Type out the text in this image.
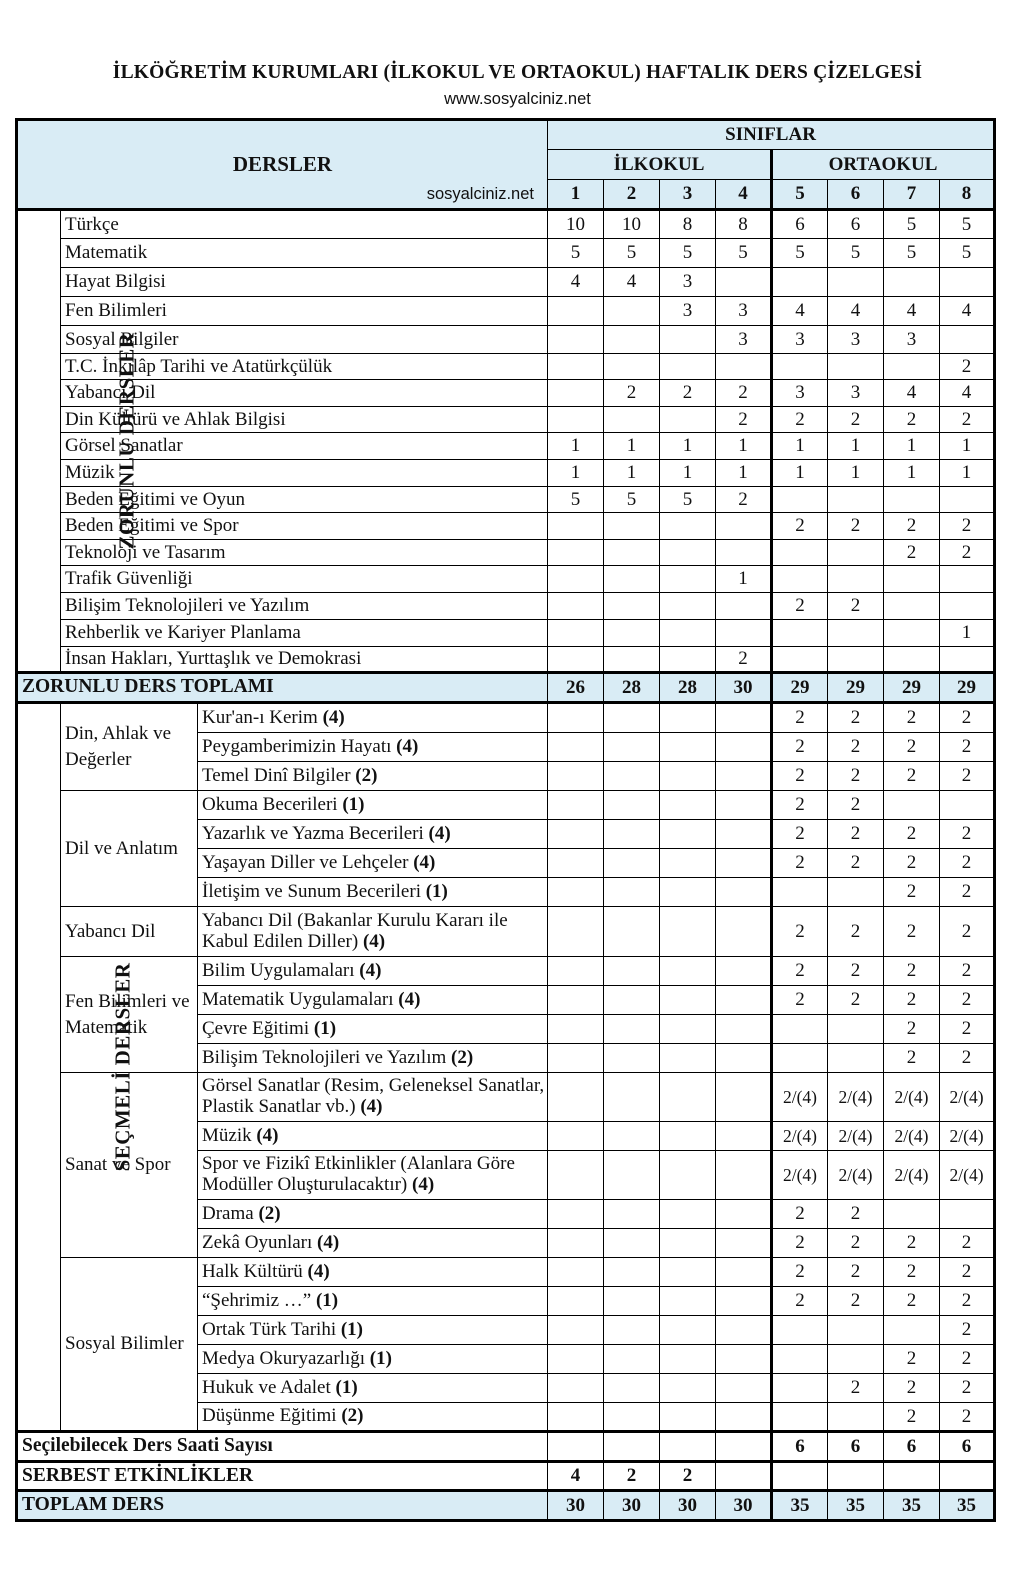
İLKÖĞRETİM KURUMLARI (İLKOKUL VE ORTAOKUL) HAFTALIK DERS ÇİZELGESİ
www.sosyalciniz.net
DERSLER
sosyalciniz.net			SINIFLAR							
			İLKOKUL				ORTAOKUL			
			1	2	3	4	5	6	7	8
ZORUNLU DERSLER	Türkçe		10	10	8	8	6	6	5	5
	Matematik		5	5	5	5	5	5	5	5
	Hayat Bilgisi		4	4	3					
	Fen Bilimleri				3	3	4	4	4	4
	Sosyal Bilgiler					3	3	3	3	
	T.C. İnkılâp Tarihi ve Atatürkçülük									2
	Yabancı Dil			2	2	2	3	3	4	4
	Din Kültürü ve Ahlak Bilgisi					2	2	2	2	2
	Görsel Sanatlar		1	1	1	1	1	1	1	1
	Müzik		1	1	1	1	1	1	1	1
	Beden Eğitimi ve Oyun		5	5	5	2				
	Beden Eğitimi ve Spor						2	2	2	2
	Teknoloji ve Tasarım								2	2
	Trafik Güvenliği					1				
	Bilişim Teknolojileri ve Yazılım						2	2		
	Rehberlik ve Kariyer Planlama									1
	İnsan Hakları, Yurttaşlık ve Demokrasi					2				
ZORUNLU DERS TOPLAMI			26	28	28	30	29	29	29	29
SEÇMELİ DERSLER	Din, Ahlak ve Değerler	Kur'an-ı Kerim (4)					2	2	2	2
		Peygamberimizin Hayatı (4)					2	2	2	2
		Temel Dinî Bilgiler (2)					2	2	2	2
	Dil ve Anlatım	Okuma Becerileri (1)					2	2		
		Yazarlık ve Yazma Becerileri (4)					2	2	2	2
		Yaşayan Diller ve Lehçeler (4)					2	2	2	2
		İletişim ve Sunum Becerileri (1)							2	2
	Yabancı Dil	Yabancı Dil (Bakanlar Kurulu Kararı ile Kabul Edilen Diller) (4)					2	2	2	2
	Fen Bilimleri ve Matematik	Bilim Uygulamaları (4)					2	2	2	2
		Matematik Uygulamaları (4)					2	2	2	2
		Çevre Eğitimi (1)							2	2
		Bilişim Teknolojileri ve Yazılım (2)							2	2
	Sanat ve Spor	Görsel Sanatlar (Resim, Geleneksel Sanatlar, Plastik Sanatlar vb.) (4)					2/(4)	2/(4)	2/(4)	2/(4)
		Müzik (4)					2/(4)	2/(4)	2/(4)	2/(4)
		Spor ve Fizikî Etkinlikler (Alanlara Göre Modüller Oluşturulacaktır) (4)					2/(4)	2/(4)	2/(4)	2/(4)
		Drama (2)					2	2		
		Zekâ Oyunları (4)					2	2	2	2
	Sosyal Bilimler	Halk Kültürü (4)					2	2	2	2
		“Şehrimiz …” (1)					2	2	2	2
		Ortak Türk Tarihi (1)								2
		Medya Okuryazarlığı (1)							2	2
		Hukuk ve Adalet (1)						2	2	2
		Düşünme Eğitimi (2)							2	2
Seçilebilecek Ders Saati Sayısı							6	6	6	6
SERBEST ETKİNLİKLER			4	2	2					
TOPLAM DERS			30	30	30	30	35	35	35	35
